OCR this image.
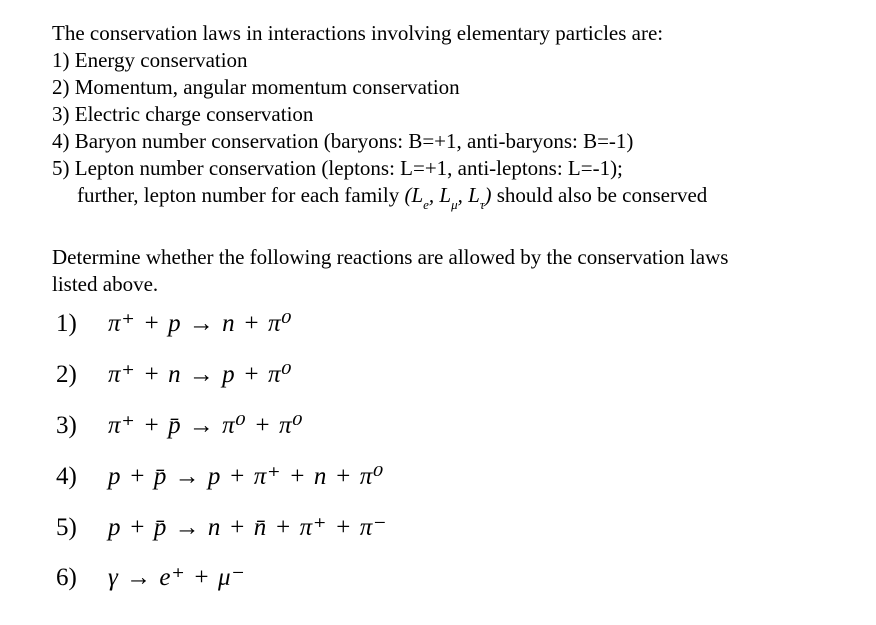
The conservation laws in interactions involving elementary particles are:
1) Energy conservation
2) Momentum, angular momentum conservation
3) Electric charge conservation
4) Baryon number conservation (baryons: B=+1, anti-baryons: B=-1)
5) Lepton number conservation (leptons: L=+1, anti-leptons: L=-1);
further, lepton number for each family ($L_e$, $L_\mu$, $L_\tau$) should also be conserved
Determine whether the following reactions are allowed by the conservation laws
listed above.
1) π⁺ + p → n + π⁰
2) π⁺ + n → p + π⁰
3) π⁺ + p̄ → π⁰ + π⁰
4) p + p̄ → p + π⁺ + n + π⁰
5) p + p̄ → n + n̄ + π⁺ + π⁻
6) γ → e⁺ + μ⁻
